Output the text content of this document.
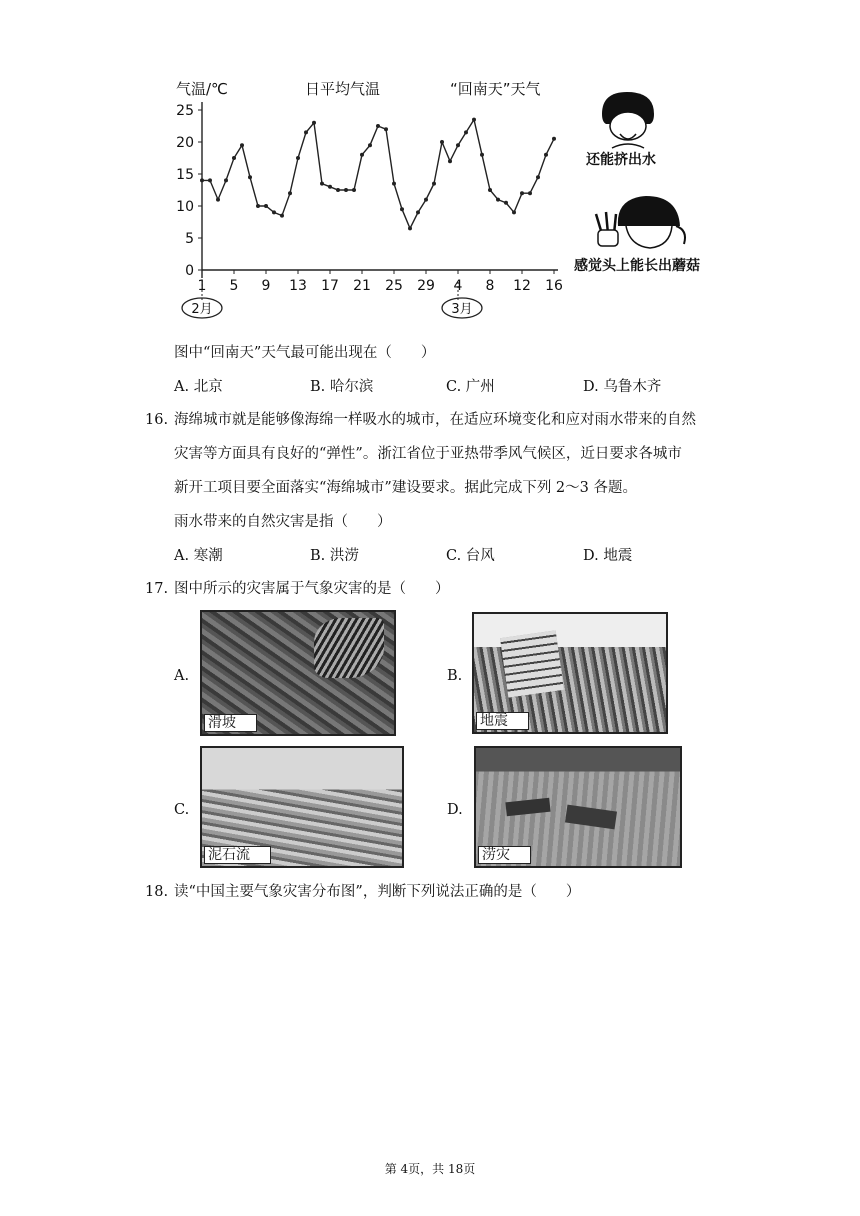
气温/℃	日平均气温	“回南天”天气
0
5
10
15
20
25
1 5 9 13 17 21 25 29 4 8 12 16
2月	3月
还能挤出水
感觉头上能长出蘑菇
图中“回南天”天气最可能出现在（　　）
A. 北京	B. 哈尔滨	C. 广州	D. 乌鲁木齐
16. 海绵城市就是能够像海绵一样吸水的城市，在适应环境变化和应对雨水带来的自然
灾害等方面具有良好的“弹性”。浙江省位于亚热带季风气候区，近日要求各城市
新开工项目要全面落实“海绵城市”建设要求。据此完成下列 2～3 各题。
雨水带来的自然灾害是指（　　）
A. 寒潮	B. 洪涝	C. 台风	D. 地震
17. 图中所示的灾害属于气象灾害的是（　　）
A.
滑坡
B.
地震
C.
泥石流
D.
涝灾
18. 读“中国主要气象灾害分布图”，判断下列说法正确的是（　　）
第 4页，共 18页
